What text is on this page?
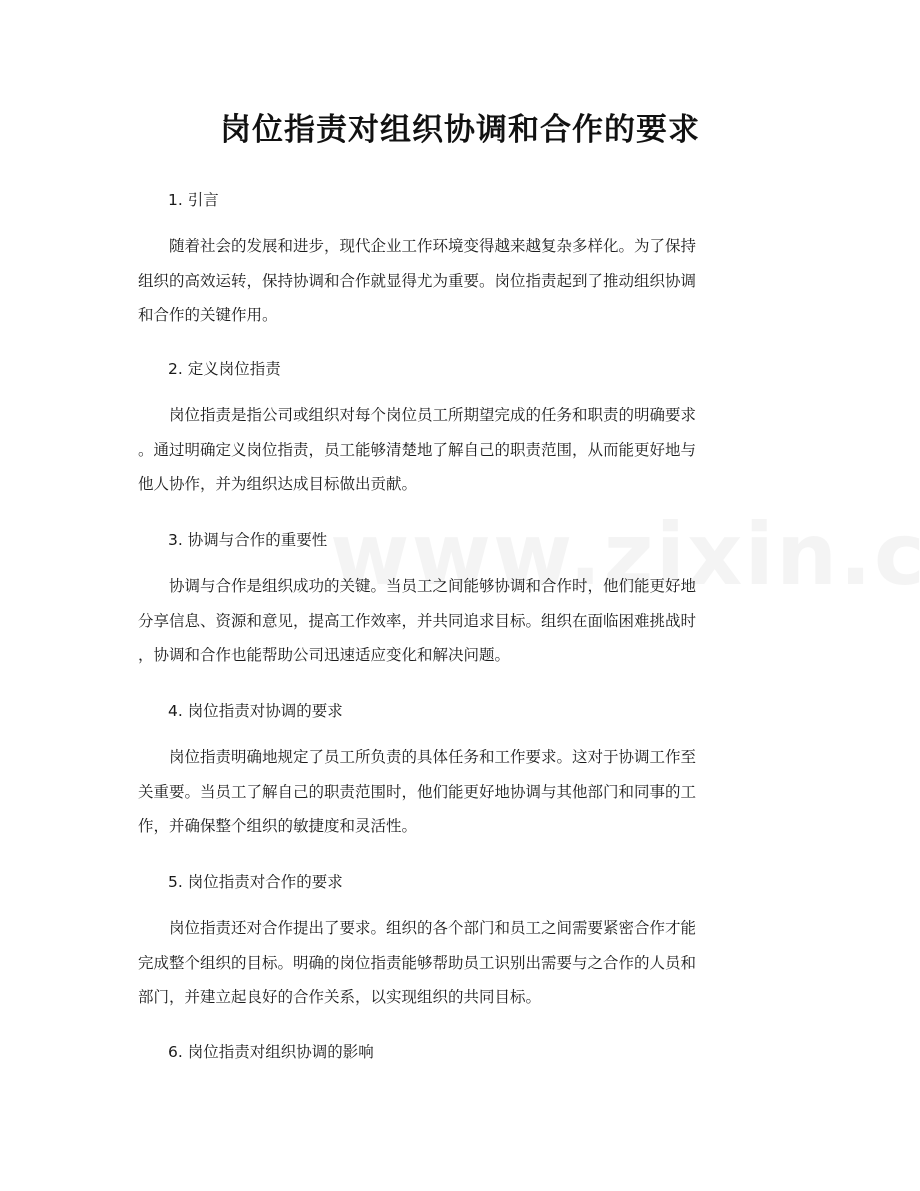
岗位指责对组织协调和合作的要求
1. 引言
随着社会的发展和进步，现代企业工作环境变得越来越复杂多样化。为了保持
组织的高效运转，保持协调和合作就显得尤为重要。岗位指责起到了推动组织协调
和合作的关键作用。
2. 定义岗位指责
岗位指责是指公司或组织对每个岗位员工所期望完成的任务和职责的明确要求
。通过明确定义岗位指责，员工能够清楚地了解自己的职责范围，从而能更好地与
他人协作，并为组织达成目标做出贡献。
3. 协调与合作的重要性
协调与合作是组织成功的关键。当员工之间能够协调和合作时，他们能更好地
分享信息、资源和意见，提高工作效率，并共同追求目标。组织在面临困难挑战时
，协调和合作也能帮助公司迅速适应变化和解决问题。
4. 岗位指责对协调的要求
岗位指责明确地规定了员工所负责的具体任务和工作要求。这对于协调工作至
关重要。当员工了解自己的职责范围时，他们能更好地协调与其他部门和同事的工
作，并确保整个组织的敏捷度和灵活性。
5. 岗位指责对合作的要求
岗位指责还对合作提出了要求。组织的各个部门和员工之间需要紧密合作才能
完成整个组织的目标。明确的岗位指责能够帮助员工识别出需要与之合作的人员和
部门，并建立起良好的合作关系，以实现组织的共同目标。
6. 岗位指责对组织协调的影响
